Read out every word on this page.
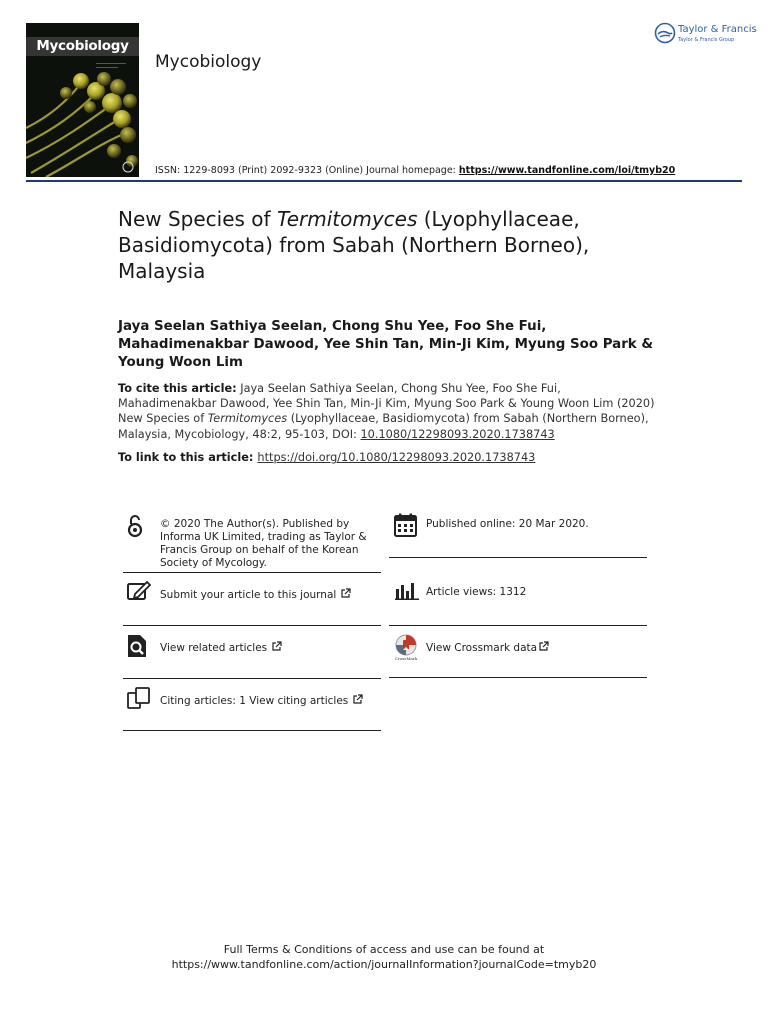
Mycobiology
Mycobiology
ISSN: 1229-8093 (Print) 2092-9323 (Online) Journal homepage: https://www.tandfonline.com/loi/tmyb20
Taylor & Francis
Taylor & Francis Group
New Species of Termitomyces (Lyophyllaceae, Basidiomycota) from Sabah (Northern Borneo), Malaysia
Jaya Seelan Sathiya Seelan, Chong Shu Yee, Foo She Fui, Mahadimenakbar Dawood, Yee Shin Tan, Min-Ji Kim, Myung Soo Park & Young Woon Lim
To cite this article: Jaya Seelan Sathiya Seelan, Chong Shu Yee, Foo She Fui, Mahadimenakbar Dawood, Yee Shin Tan, Min-Ji Kim, Myung Soo Park & Young Woon Lim (2020) New Species of Termitomyces (Lyophyllaceae, Basidiomycota) from Sabah (Northern Borneo), Malaysia, Mycobiology, 48:2, 95-103, DOI: 10.1080/12298093.2020.1738743
To link to this article: https://doi.org/10.1080/12298093.2020.1738743
© 2020 The Author(s). Published by Informa UK Limited, trading as Taylor & Francis Group on behalf of the Korean Society of Mycology.
Submit your article to this journal
View related articles
Citing articles: 1 View citing articles
Published online: 20 Mar 2020.
Article views: 1312
CrossMark
View Crossmark data
Full Terms & Conditions of access and use can be found at
https://www.tandfonline.com/action/journalInformation?journalCode=tmyb20
